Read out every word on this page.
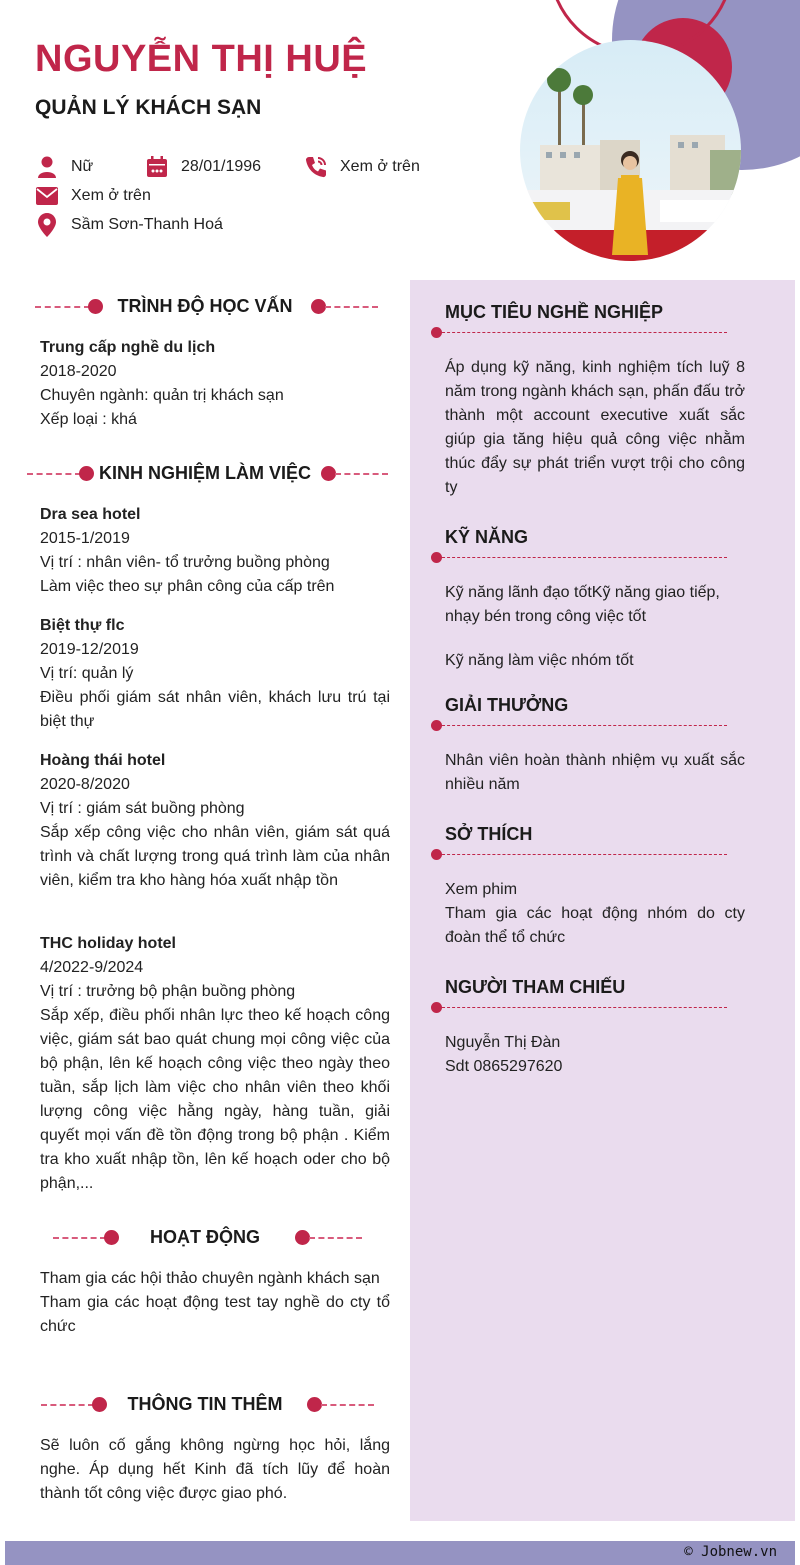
NGUYỄN THỊ HUỆ
QUẢN LÝ KHÁCH SẠN
Nữ	28/01/1996	Xem ở trên
Xem ở trên
Sầm Sơn-Thanh Hoá
TRÌNH ĐỘ HỌC VẤN
Trung cấp nghề du lịch
2018-2020
Chuyên ngành: quản trị khách sạn
Xếp loại : khá
KINH NGHIỆM LÀM VIỆC
Dra sea hotel
2015-1/2019
Vị trí : nhân viên- tổ trưởng buồng phòng
Làm việc theo sự phân công của cấp trên
Biệt thự flc
2019-12/2019
Vị trí: quản lý
Điều phối giám sát nhân viên, khách lưu trú tại biệt thự
Hoàng thái hotel
2020-8/2020
Vị trí : giám sát buồng phòng
Sắp xếp công việc cho nhân viên, giám sát quá trình và chất lượng trong quá trình làm của nhân viên, kiểm tra kho hàng hóa xuất nhập tồn
THC holiday hotel
4/2022-9/2024
Vị trí : trưởng bộ phận buồng phòng
Sắp xếp, điều phối nhân lực theo kế hoạch công việc, giám sát bao quát chung mọi công việc của bộ phận, lên kế hoạch công việc theo ngày theo tuần, sắp lịch làm việc cho nhân viên theo khối lượng công việc hằng ngày, hàng tuần, giải quyết mọi vấn đề tồn động trong bộ phận . Kiểm tra kho xuất nhập tồn, lên kế hoạch oder cho bộ phận,...
HOẠT ĐỘNG
Tham gia các hội thảo chuyên ngành khách sạn
Tham gia các hoạt động test tay nghề do cty tổ chức
THÔNG TIN THÊM
Sẽ luôn cố gắng không ngừng học hỏi, lắng nghe. Áp dụng hết Kinh đã tích lũy để hoàn thành tốt công việc được giao phó.
MỤC TIÊU NGHỀ NGHIỆP
Áp dụng kỹ năng, kinh nghiệm tích luỹ 8 năm trong ngành khách sạn, phấn đấu trở thành một account executive xuất sắc giúp gia tăng hiệu quả công việc nhằm thúc đẩy sự phát triển vượt trội cho công ty
KỸ NĂNG
Kỹ năng lãnh đạo tốtKỹ năng giao tiếp, nhạy bén trong công việc tốt
Kỹ năng làm việc nhóm tốt
GIẢI THƯỞNG
Nhân viên hoàn thành nhiệm vụ xuất sắc nhiều năm
SỞ THÍCH
Xem phim
Tham gia các hoạt động nhóm do cty đoàn thể tổ chức
NGƯỜI THAM CHIẾU
Nguyễn Thị Đàn
Sdt 0865297620
© Jobnew.vn
